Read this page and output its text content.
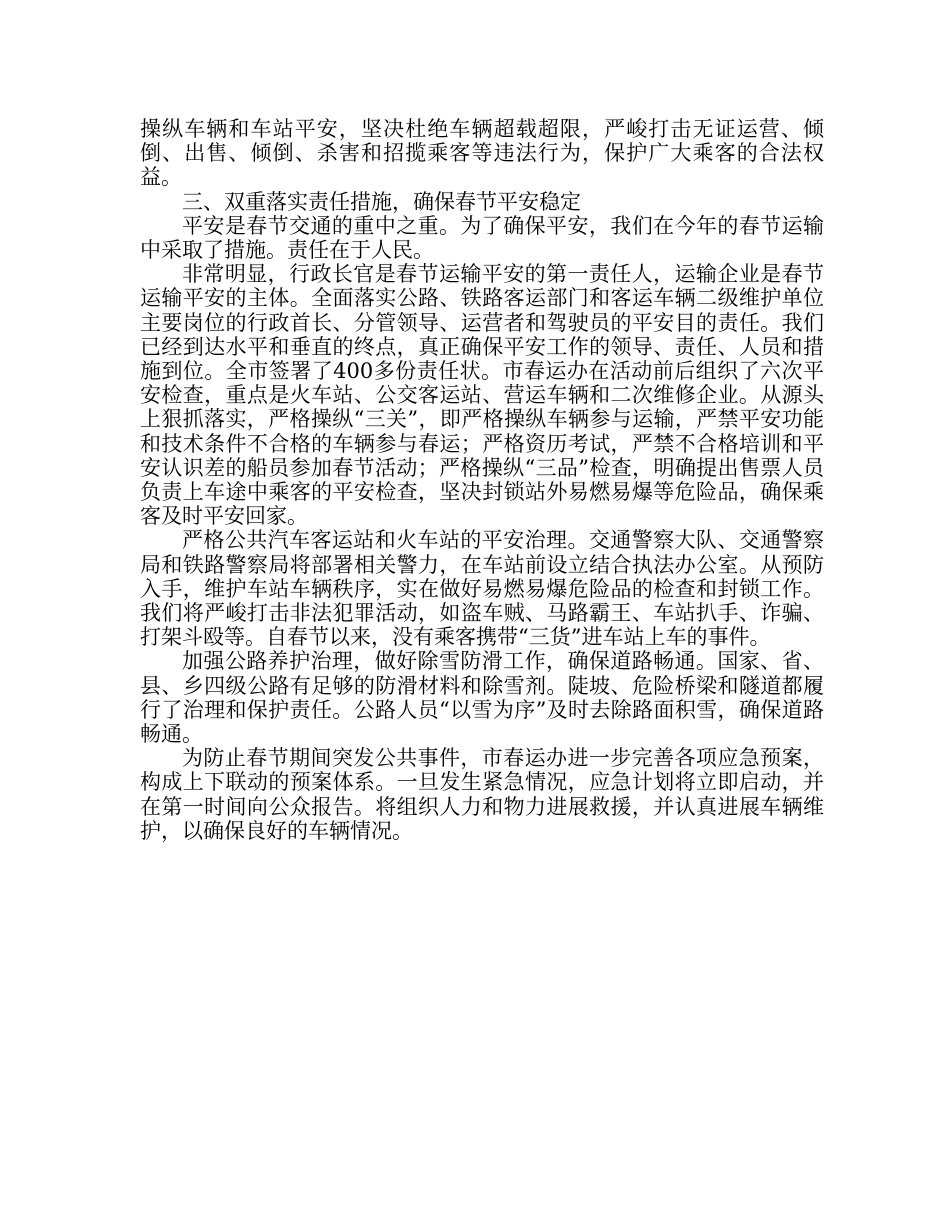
操纵车辆和车站平安，坚决杜绝车辆超载超限，严峻打击无证运营、倾倒、出售、倾倒、杀害和招揽乘客等违法行为，保护广大乘客的合法权益。

三、双重落实责任措施，确保春节平安稳定

平安是春节交通的重中之重。为了确保平安，我们在今年的春节运输中采取了措施。责任在于人民。

非常明显，行政长官是春节运输平安的第一责任人，运输企业是春节运输平安的主体。全面落实公路、铁路客运部门和客运车辆二级维护单位主要岗位的行政首长、分管领导、运营者和驾驶员的平安目的责任。我们已经到达水平和垂直的终点，真正确保平安工作的领导、责任、人员和措施到位。全市签署了400多份责任状。市春运办在活动前后组织了六次平安检查，重点是火车站、公交客运站、营运车辆和二次维修企业。从源头上狠抓落实，严格操纵“三关”，即严格操纵车辆参与运输，严禁平安功能和技术条件不合格的车辆参与春运；严格资历考试，严禁不合格培训和平安认识差的船员参加春节活动；严格操纵“三品”检查，明确提出售票人员负责上车途中乘客的平安检查，坚决封锁站外易燃易爆等危险品，确保乘客及时平安回家。

严格公共汽车客运站和火车站的平安治理。交通警察大队、交通警察局和铁路警察局将部署相关警力，在车站前设立结合执法办公室。从预防入手，维护车站车辆秩序，实在做好易燃易爆危险品的检查和封锁工作。我们将严峻打击非法犯罪活动，如盗车贼、马路霸王、车站扒手、诈骗、打架斗殴等。自春节以来，没有乘客携带“三货”进车站上车的事件。

加强公路养护治理，做好除雪防滑工作，确保道路畅通。国家、省、县、乡四级公路有足够的防滑材料和除雪剂。陡坡、危险桥梁和隧道都履行了治理和保护责任。公路人员“以雪为序”及时去除路面积雪，确保道路畅通。

为防止春节期间突发公共事件，市春运办进一步完善各项应急预案，构成上下联动的预案体系。一旦发生紧急情况，应急计划将立即启动，并在第一时间向公众报告。将组织人力和物力进展救援，并认真进展车辆维护，以确保良好的车辆情况。
